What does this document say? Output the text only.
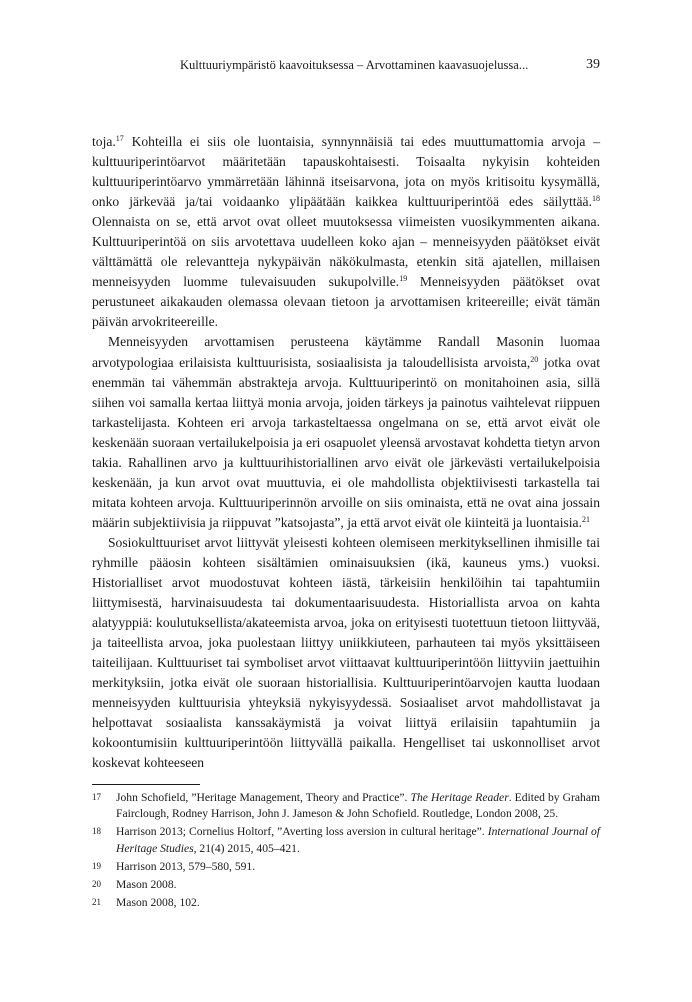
Kulttuuriympäristö kaavoituksessa – Arvottaminen kaavasuojelussa...	39

toja.$^{17}$ Kohteilla ei siis ole luontaisia, synnynnäisiä tai edes muuttumattomia arvoja – kulttuuriperintöarvot määritetään tapauskohtaisesti. Toisaalta nykyisin kohteiden kulttuuriperintöarvo ymmärretään lähinnä itseisarvona, jota on myös kritisoitu kysymällä, onko järkevää ja/tai voidaanko ylipäätään kaikkea kulttuuriperintöä edes säilyttää.$^{18}$ Olennaista on se, että arvot ovat olleet muutoksessa viimeisten vuosikymmenten aikana. Kulttuuriperintöä on siis arvotettava uudelleen koko ajan – menneisyyden päätökset eivät välttämättä ole relevantteja nykypäivän näkökulmasta, etenkin sitä ajatellen, millaisen menneisyyden luomme tulevaisuuden sukupolville.$^{19}$ Menneisyyden päätökset ovat perustuneet aikakauden olemassa olevaan tietoon ja arvottamisen kriteereille; eivät tämän päivän arvokriteereille.

Menneisyyden arvottamisen perusteena käytämme Randall Masonin luomaa arvotypologiaa erilaisista kulttuurisista, sosiaalisista ja taloudellisista arvoista,$^{20}$ jotka ovat enemmän tai vähemmän abstrakteja arvoja. Kulttuuriperintö on monitahoinen asia, sillä siihen voi samalla kertaa liittyä monia arvoja, joiden tärkeys ja painotus vaihtelevat riippuen tarkastelijasta. Kohteen eri arvoja tarkasteltaessa ongelmana on se, että arvot eivät ole keskenään suoraan vertailukelpoisia ja eri osapuolet yleensä arvostavat kohdetta tietyn arvon takia. Rahallinen arvo ja kulttuurihistoriallinen arvo eivät ole järkevästi vertailukelpoisia keskenään, ja kun arvot ovat muuttuvia, ei ole mahdollista objektiivisesti tarkastella tai mitata kohteen arvoja. Kulttuuriperinnön arvoille on siis ominaista, että ne ovat aina jossain määrin subjektiivisia ja riippuvat ”katsojasta”, ja että arvot eivät ole kiinteitä ja luontaisia.$^{21}$

Sosiokulttuuriset arvot liittyvät yleisesti kohteen olemiseen merkityksellinen ihmisille tai ryhmille pääosin kohteen sisältämien ominaisuuksien (ikä, kauneus yms.) vuoksi. Historialliset arvot muodostuvat kohteen iästä, tärkeisiin henkilöihin tai tapahtumiin liittymisestä, harvinaisuudesta tai dokumentaarisuudesta. Historiallista arvoa on kahta alatyyppiä: koulutuksellista/akateemista arvoa, joka on erityisesti tuotettuun tietoon liittyvää, ja taiteellista arvoa, joka puolestaan liittyy uniikkiuteen, parhauteen tai myös yksittäiseen taiteilijaan. Kulttuuriset tai symboliset arvot viittaavat kulttuuriperintöön liittyviin jaettuihin merkityksiin, jotka eivät ole suoraan historiallisia. Kulttuuriperintöarvojen kautta luodaan menneisyyden kulttuurisia yhteyksiä nykyisyydessä. Sosiaaliset arvot mahdollistavat ja helpottavat sosiaalista kanssakäymistä ja voivat liittyä erilaisiin tapahtumiin ja kokoontumisiin kulttuuriperintöön liittyvällä paikalla. Hengelliset tai uskonnolliset arvot koskevat kohteeseen

17	John Schofield, ”Heritage Management, Theory and Practice”. The Heritage Reader. Edited by Graham Fairclough, Rodney Harrison, John J. Jameson & John Schofield. Routledge, London 2008, 25.
18	Harrison 2013; Cornelius Holtorf, ”Averting loss aversion in cultural heritage”. International Journal of Heritage Studies, 21(4) 2015, 405–421.
19	Harrison 2013, 579–580, 591.
20	Mason 2008.
21	Mason 2008, 102.
